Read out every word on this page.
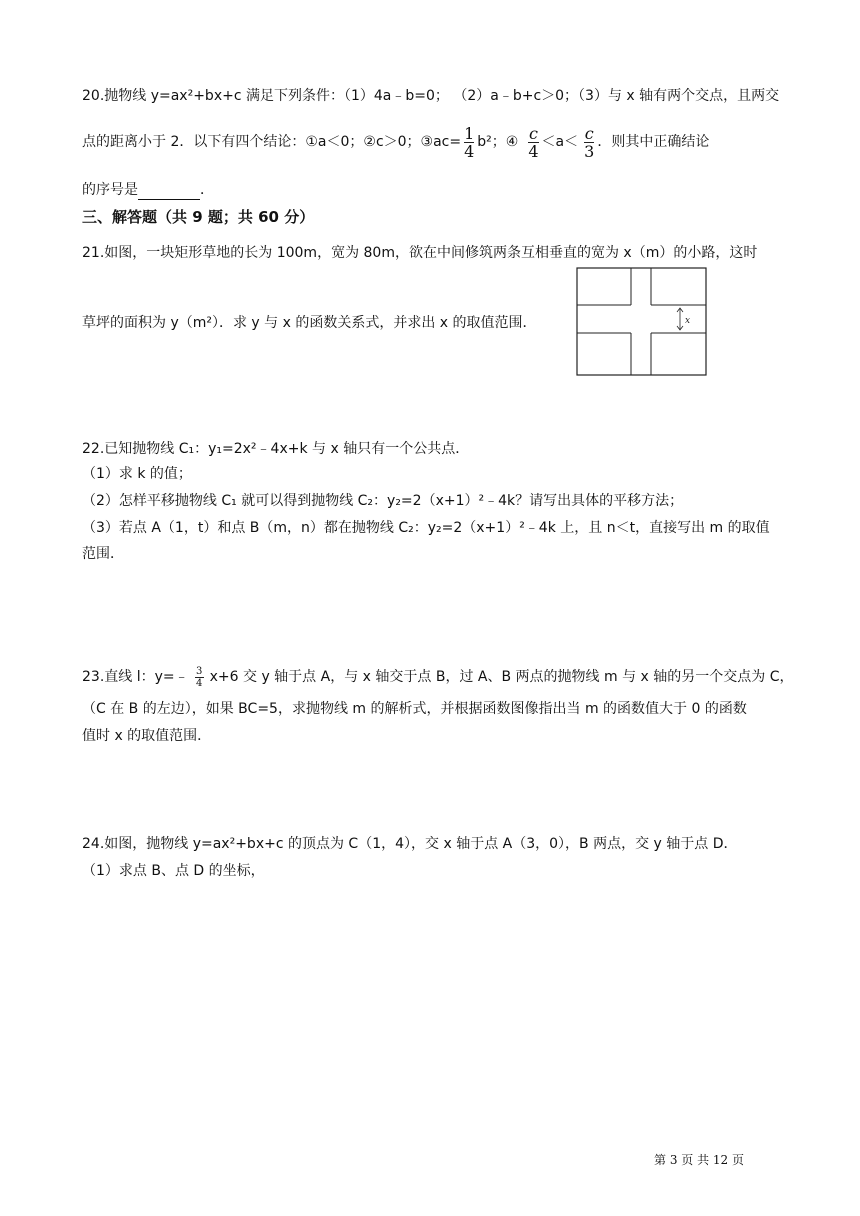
20.抛物线 y=ax²+bx+c 满足下列条件：（1）4a﹣b=0； （2）a﹣b+c＞0；（3）与 x 轴有两个交点，且两交
点的距离小于 2．以下有四个结论：①a＜0；②c＞0；③ac= $\frac{1}{4} b^2$；④ $\frac{c}{4} <a< \frac{c}{3}$ ．则其中正确结论
的序号是	．
三、解答题（共 9 题；共 60 分）
21.如图，一块矩形草地的长为 100m，宽为 80m，欲在中间修筑两条互相垂直的宽为 x（m）的小路，这时
草坪的面积为 y（m²）．求 y 与 x 的函数关系式，并求出 x 的取值范围．	x
22.已知抛物线 C₁：y₁=2x²﹣4x+k 与 x 轴只有一个公共点．
（1）求 k 的值；
（2）怎样平移抛物线 C₁ 就可以得到抛物线 C₂：y₂=2（x+1）²﹣4k？请写出具体的平移方法；
（3）若点 A（1，t）和点 B（m，n）都在抛物线 C₂：y₂=2（x+1）²﹣4k 上，且 n＜t，直接写出 m 的取值
范围．
23.直线 l：y=﹣ $\frac{3}{4} x+6$ 交 y 轴于点 A，与 x 轴交于点 B，过 A、B 两点的抛物线 m 与 x 轴的另一个交点为 C，
（C 在 B 的左边），如果 BC=5，求抛物线 m 的解析式，并根据函数图像指出当 m 的函数值大于 0 的函数
值时 x 的取值范围．
24.如图，抛物线 y=ax²+bx+c 的顶点为 C（1，4），交 x 轴于点 A（3，0），B 两点，交 y 轴于点 D．
（1）求点 B、点 D 的坐标，
第 3 页 共 12 页
